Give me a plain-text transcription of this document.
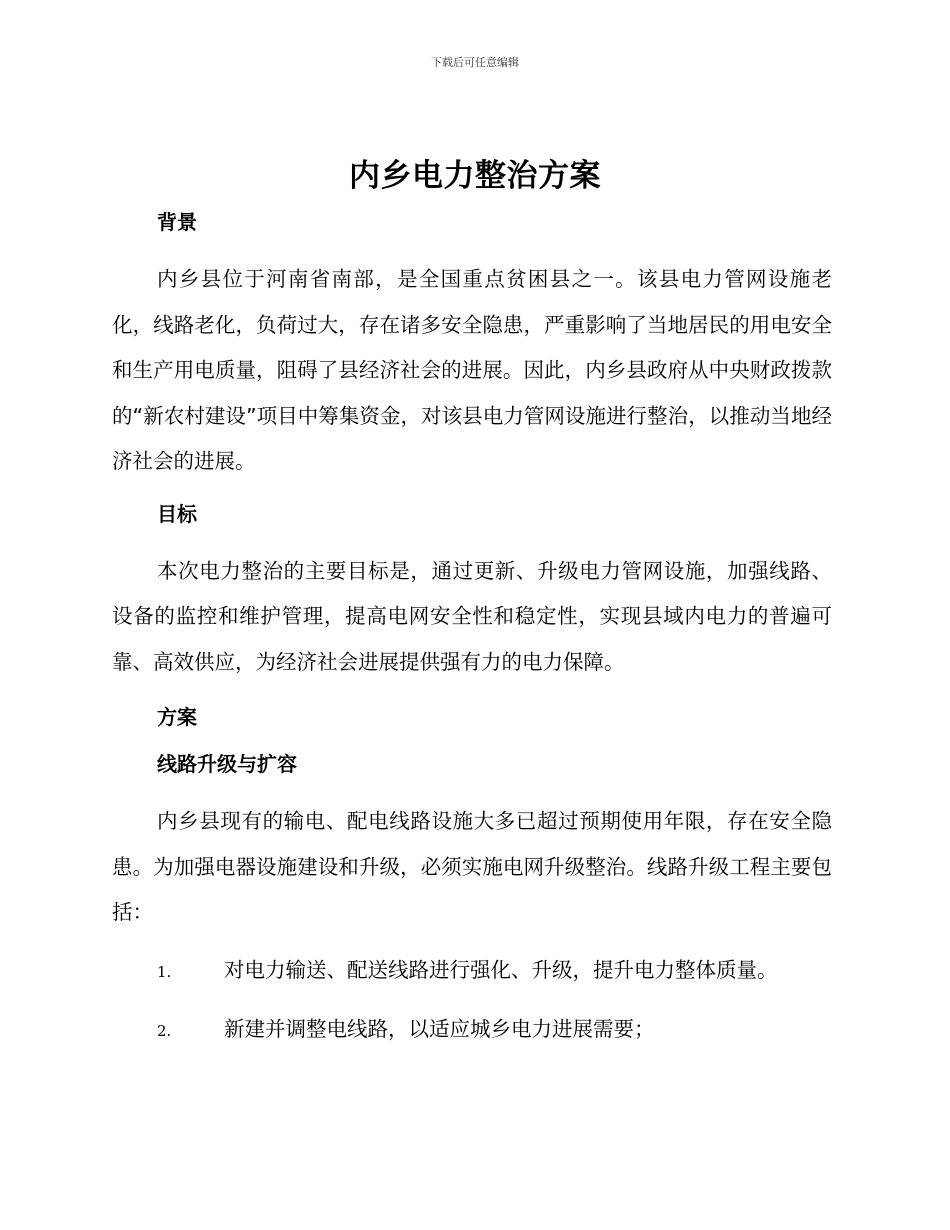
下载后可任意编辑
内乡电力整治方案
背景

内乡县位于河南省南部，是全国重点贫困县之一。该县电力管网设施老化，线路老化，负荷过大，存在诸多安全隐患，严重影响了当地居民的用电安全和生产用电质量，阻碍了县经济社会的进展。因此，内乡县政府从中央财政拨款的“新农村建设”项目中筹集资金，对该县电力管网设施进行整治，以推动当地经济社会的进展。

目标

本次电力整治的主要目标是，通过更新、升级电力管网设施，加强线路、设备的监控和维护管理，提高电网安全性和稳定性，实现县域内电力的普遍可靠、高效供应，为经济社会进展提供强有力的电力保障。

方案
线路升级与扩容

内乡县现有的输电、配电线路设施大多已超过预期使用年限，存在安全隐患。为加强电器设施建设和升级，必须实施电网升级整治。线路升级工程主要包括：

1.	对电力输送、配送线路进行强化、升级，提升电力整体质量。
2.	新建并调整电线路，以适应城乡电力进展需要；
